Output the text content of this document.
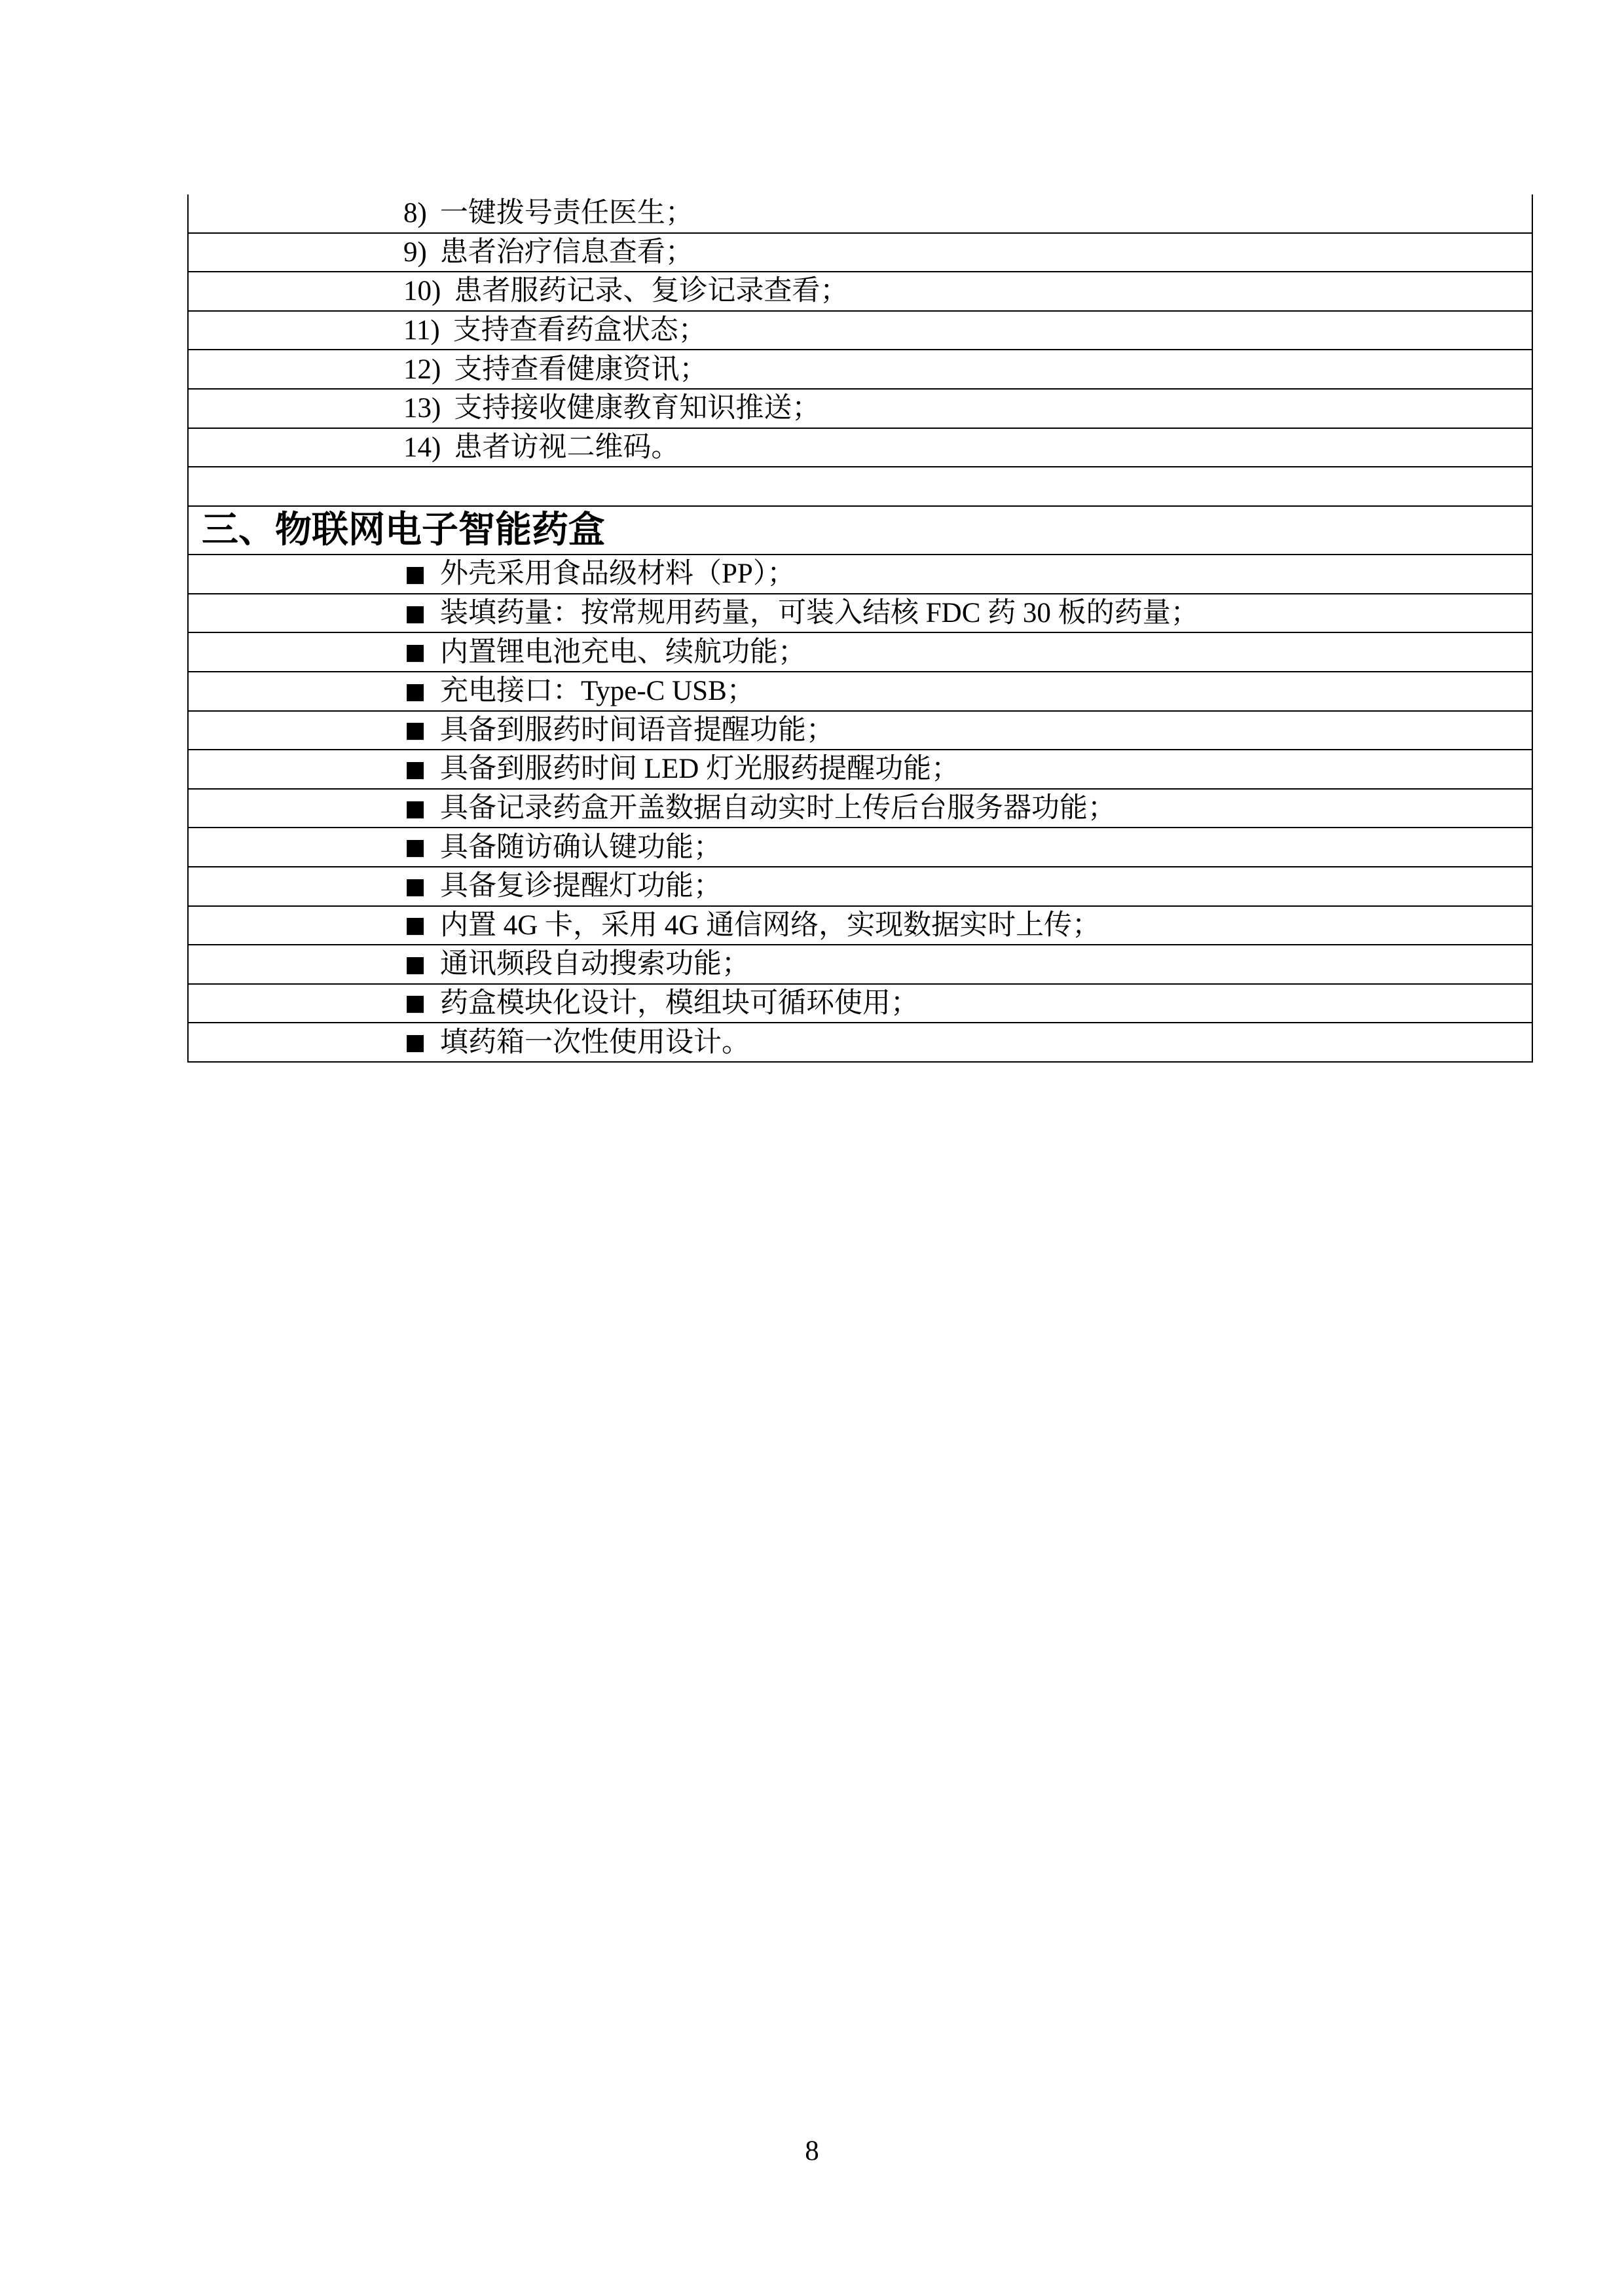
8) 一键拨号责任医生；
9) 患者治疗信息查看；
10) 患者服药记录、复诊记录查看；
11) 支持查看药盒状态；
12) 支持查看健康资讯；
13) 支持接收健康教育知识推送；
14) 患者访视二维码。
三、物联网电子智能药盒
■ 外壳采用食品级材料（PP）；
■ 装填药量：按常规用药量，可装入结核 FDC 药 30 板的药量；
■ 内置锂电池充电、续航功能；
■ 充电接口：Type-C USB；
■ 具备到服药时间语音提醒功能；
■ 具备到服药时间 LED 灯光服药提醒功能；
■ 具备记录药盒开盖数据自动实时上传后台服务器功能；
■ 具备随访确认键功能；
■ 具备复诊提醒灯功能；
■ 内置 4G 卡，采用 4G 通信网络，实现数据实时上传；
■ 通讯频段自动搜索功能；
■ 药盒模块化设计，模组块可循环使用；
■ 填药箱一次性使用设计。
8
